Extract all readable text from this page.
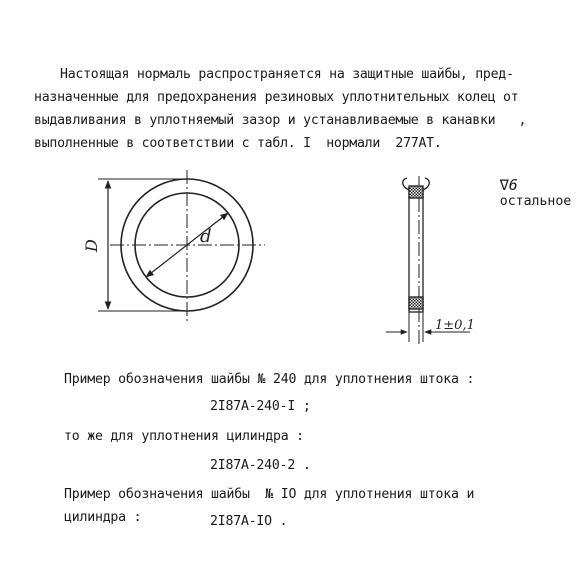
Настоящая нормаль распространяется на защитные шайбы, пред-
назначенные для предохранения резиновых уплотнительных колец от
выдавливания в уплотняемый зазор и устанавливаемые в канавки   ,
выполненные в соответствии с табл. I  нормали  277АТ.

∇6
остальное

D	d
1±0,1
Пример обозначения шайбы № 240 для уплотнения штока :
2I87А-240-I ;
то же для уплотнения цилиндра :
2I87А-240-2 .
Пример обозначения шайбы  № IO для уплотнения штока и
цилиндра :	2I87А-IO .
